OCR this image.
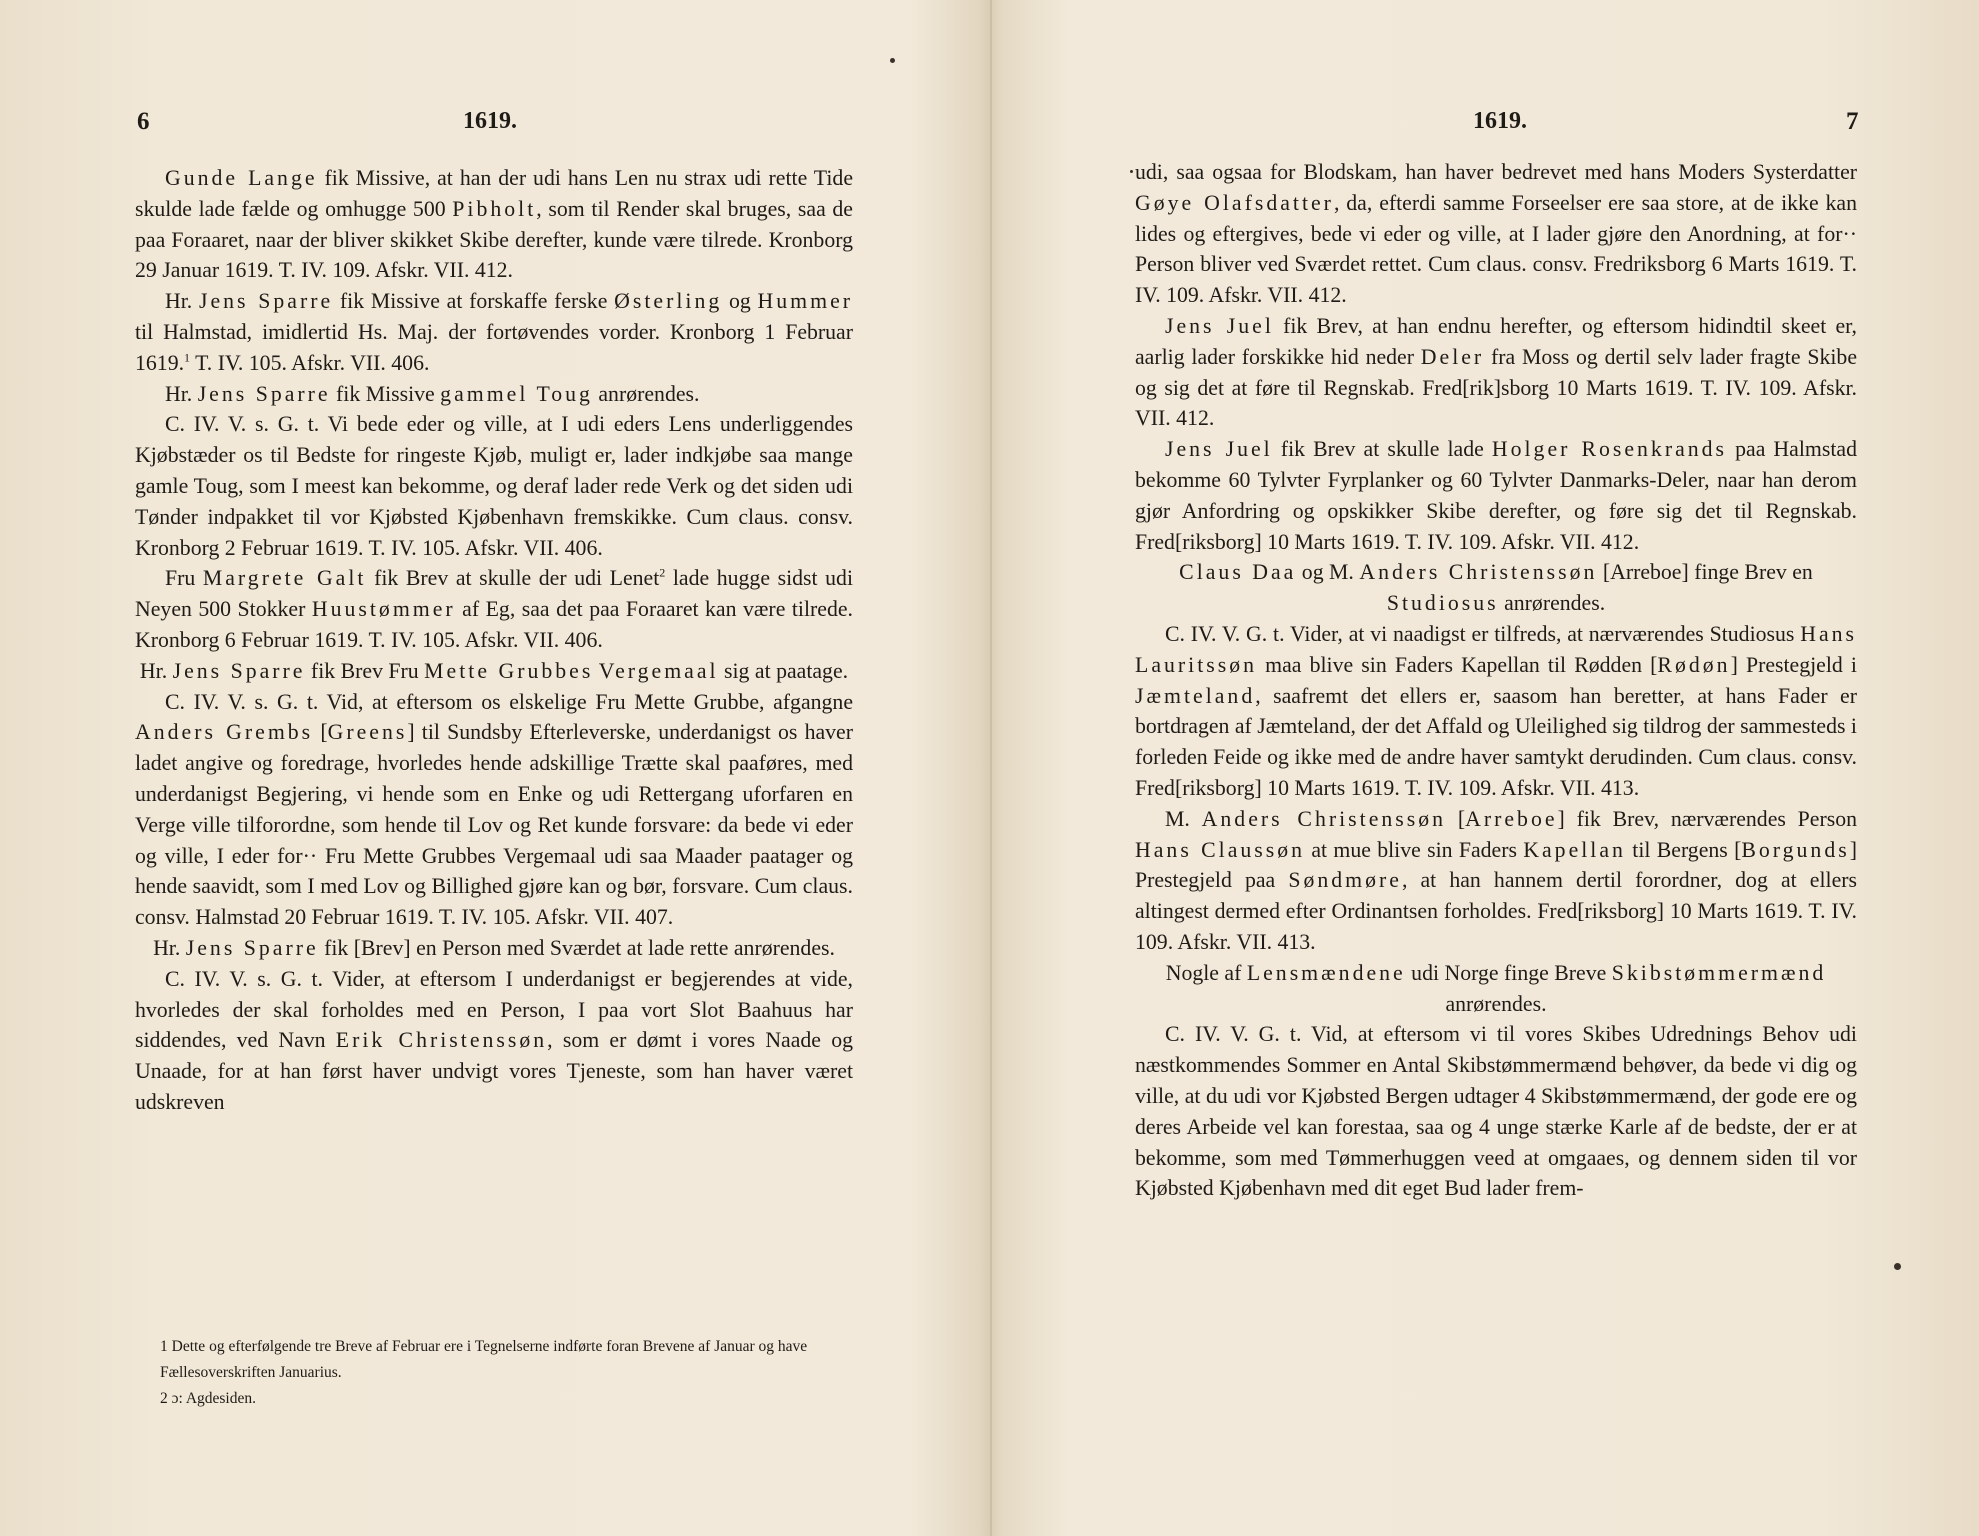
6	1619.

Gunde Lange fik Missive, at han der udi hans Len nu strax udi rette Tide skulde lade fælde og omhugge 500 Pibholt, som til Render skal bruges, saa de paa Foraaret, naar der bliver skikket Skibe derefter, kunde være tilrede. Kronborg 29 Januar 1619. T. IV. 109. Afskr. VII. 412.

Hr. Jens Sparre fik Missive at forskaffe ferske Østerling og Hummer til Halmstad, imidlertid Hs. Maj. der fortøvendes vorder. Kronborg 1 Februar 1619.$^1$ T. IV. 105. Afskr. VII. 406.

Hr. Jens Sparre fik Missive gammel Toug anrørendes.

C. IV. V. s. G. t. Vi bede eder og ville, at I udi eders Lens underliggendes Kjøbstæder os til Bedste for ringeste Kjøb, muligt er, lader indkjøbe saa mange gamle Toug, som I meest kan bekomme, og deraf lader rede Verk og det siden udi Tønder indpakket til vor Kjøbsted Kjøbenhavn fremskikke. Cum claus. consv. Kronborg 2 Februar 1619. T. IV. 105. Afskr. VII. 406.

Fru Margrete Galt fik Brev at skulle der udi Lenet$^2$ lade hugge sidst udi Neyen 500 Stokker Huustømmer af Eg, saa det paa Foraaret kan være tilrede. Kronborg 6 Februar 1619. T. IV. 105. Afskr. VII. 406.

Hr. Jens Sparre fik Brev Fru Mette Grubbes Vergemaal sig at paatage.

C. IV. V. s. G. t. Vid, at eftersom os elskelige Fru Mette Grubbe, afgangne Anders Grembs [Greens] til Sundsby Efterleverske, underdanigst os haver ladet angive og foredrage, hvorledes hende adskillige Trætte skal paaføres, med underdanigst Begjering, vi hende som en Enke og udi Rettergang uforfaren en Verge ville tilforordne, som hende til Lov og Ret kunde forsvare: da bede vi eder og ville, I eder for·· Fru Mette Grubbes Vergemaal udi saa Maader paatager og hende saavidt, som I med Lov og Billighed gjøre kan og bør, forsvare. Cum claus. consv. Halmstad 20 Februar 1619. T. IV. 105. Afskr. VII. 407.

Hr. Jens Sparre fik [Brev] en Person med Sværdet at lade rette anrørendes.

C. IV. V. s. G. t. Vider, at eftersom I underdanigst er begjerendes at vide, hvorledes der skal forholdes med en Person, I paa vort Slot Baahuus har siddendes, ved Navn Erik Christenssøn, som er dømt i vores Naade og Unaade, for at han først haver undvigt vores Tjeneste, som han haver været udskreven

1 Dette og efterfølgende tre Breve af Februar ere i Tegnelserne indførte foran Brevene af Januar og have Fællesoverskriften Januarius.

2 ɔ: Agdesiden.

1619.	7

udi, saa ogsaa for Blodskam, han haver bedrevet med hans Moders Systerdatter Gøye Olafsdatter, da, efterdi samme Forseelser ere saa store, at de ikke kan lides og eftergives, bede vi eder og ville, at I lader gjøre den Anordning, at for·· Person bliver ved Sværdet rettet. Cum claus. consv. Fredriksborg 6 Marts 1619. T. IV. 109. Afskr. VII. 412.

Jens Juel fik Brev, at han endnu herefter, og eftersom hidindtil skeet er, aarlig lader forskikke hid neder Deler fra Moss og dertil selv lader fragte Skibe og sig det at føre til Regnskab. Fred[rik]sborg 10 Marts 1619. T. IV. 109. Afskr. VII. 412.

Jens Juel fik Brev at skulle lade Holger Rosenkrands paa Halmstad bekomme 60 Tylvter Fyrplanker og 60 Tylvter Danmarks-Deler, naar han derom gjør Anfordring og opskikker Skibe derefter, og føre sig det til Regnskab. Fred[riksborg] 10 Marts 1619. T. IV. 109. Afskr. VII. 412.

Claus Daa og M. Anders Christenssøn [Arreboe] finge Brev en Studiosus anrørendes.

C. IV. V. G. t. Vider, at vi naadigst er tilfreds, at nærværendes Studiosus Hans Lauritssøn maa blive sin Faders Kapellan til Rødden [Rødøn] Prestegjeld i Jæmteland, saafremt det ellers er, saasom han beretter, at hans Fader er bortdragen af Jæmteland, der det Affald og Uleilighed sig tildrog der sammesteds i forleden Feide og ikke med de andre haver samtykt derudinden. Cum claus. consv. Fred[riksborg] 10 Marts 1619. T. IV. 109. Afskr. VII. 413.

M. Anders Christenssøn [Arreboe] fik Brev, nærværendes Person Hans Claussøn at mue blive sin Faders Kapellan til Bergens [Borgunds] Prestegjeld paa Søndmøre, at han hannem dertil forordner, dog at ellers altingest dermed efter Ordinantsen forholdes. Fred[riksborg] 10 Marts 1619. T. IV. 109. Afskr. VII. 413.

Nogle af Lensmændene udi Norge finge Breve Skibstømmermænd anrørendes.

C. IV. V. G. t. Vid, at eftersom vi til vores Skibes Udrednings Behov udi næstkommendes Sommer en Antal Skibstømmermænd behøver, da bede vi dig og ville, at du udi vor Kjøbsted Bergen udtager 4 Skibstømmermænd, der gode ere og deres Arbeide vel kan forestaa, saa og 4 unge stærke Karle af de bedste, der er at bekomme, som med Tømmerhuggen veed at omgaaes, og dennem siden til vor Kjøbsted Kjøbenhavn med dit eget Bud lader frem-
